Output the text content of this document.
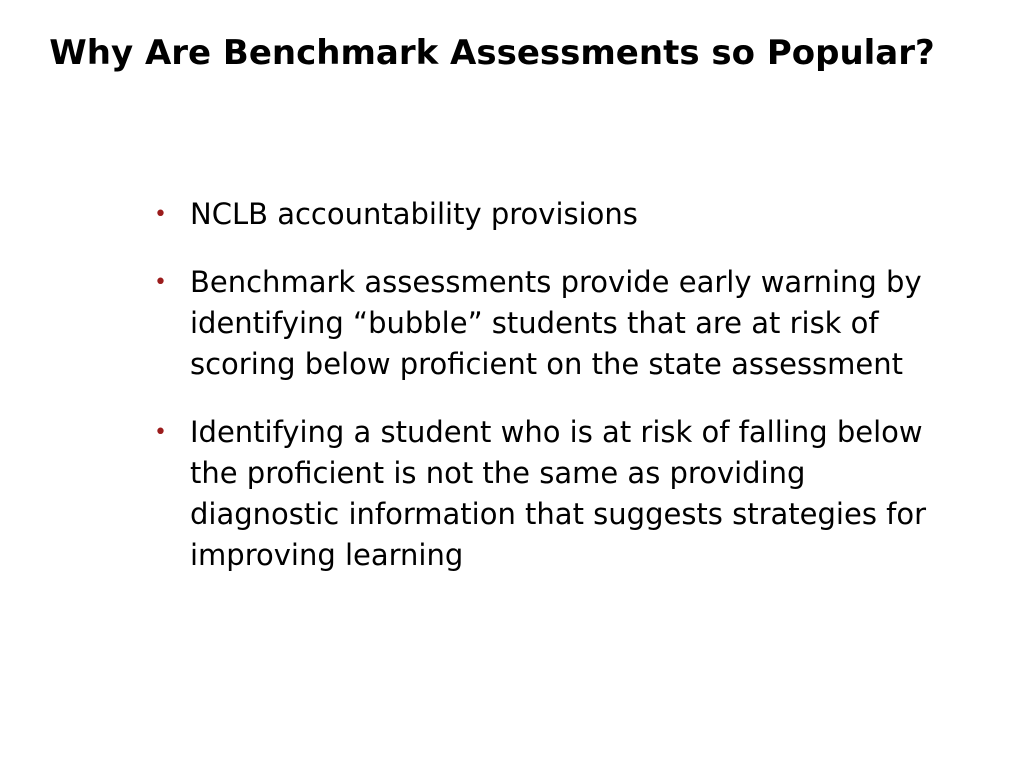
Why Are Benchmark Assessments so Popular?
• NCLB accountability provisions
• Benchmark assessments provide early warning by identifying “bubble” students that are at risk of scoring below proficient on the state assessment
• Identifying a student who is at risk of falling below the proficient is not the same as providing diagnostic information that suggests strategies for improving learning
